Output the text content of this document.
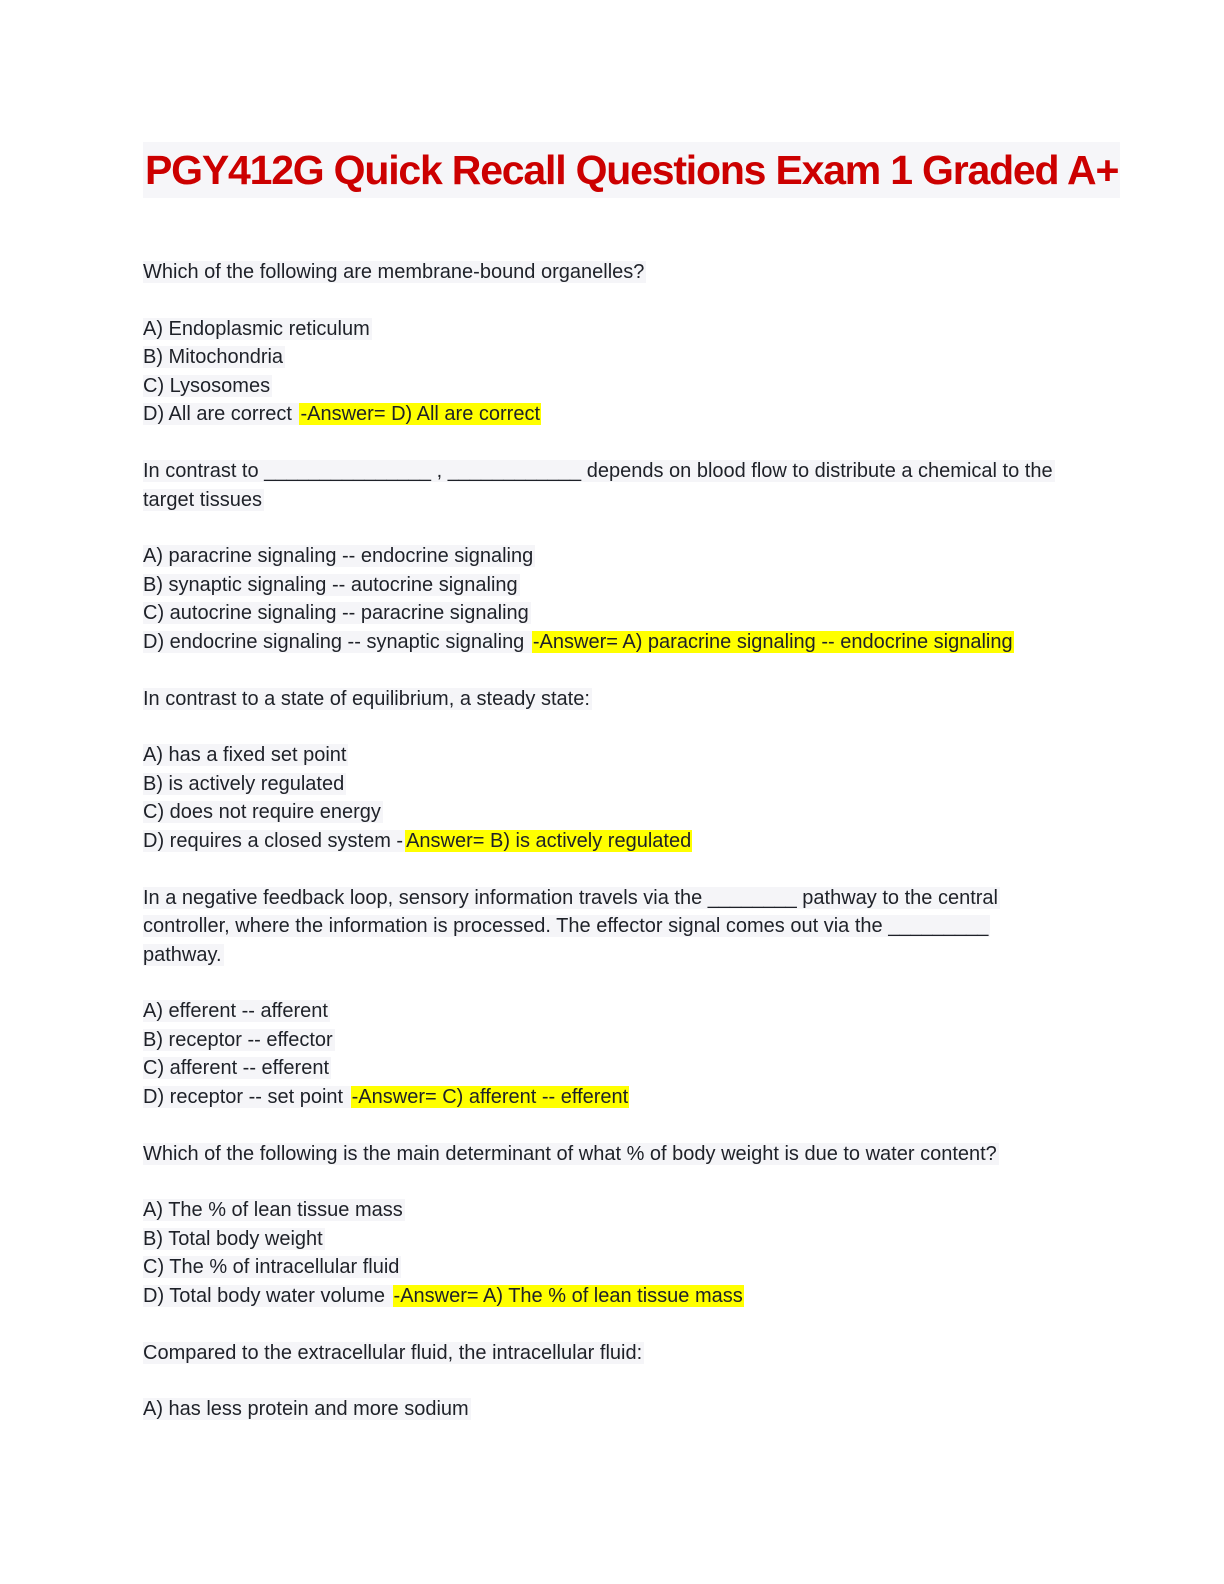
PGY412G Quick Recall Questions Exam 1 Graded A+
Which of the following are membrane-bound organelles?
A) Endoplasmic reticulum
B) Mitochondria
C) Lysosomes
D) All are correct -Answer= D) All are correct
In contrast to _______________ , ____________ depends on blood flow to distribute a chemical to the target tissues
A) paracrine signaling -- endocrine signaling
B) synaptic signaling -- autocrine signaling
C) autocrine signaling -- paracrine signaling
D) endocrine signaling -- synaptic signaling -Answer= A) paracrine signaling -- endocrine signaling
In contrast to a state of equilibrium, a steady state:
A) has a fixed set point
B) is actively regulated
C) does not require energy
D) requires a closed system - Answer= B) is actively regulated
In a negative feedback loop, sensory information travels via the ________ pathway to the central controller, where the information is processed. The effector signal comes out via the _________ pathway.
A) efferent -- afferent
B) receptor -- effector
C) afferent -- efferent
D) receptor -- set point -Answer= C) afferent -- efferent
Which of the following is the main determinant of what % of body weight is due to water content?
A) The % of lean tissue mass
B) Total body weight
C) The % of intracellular fluid
D) Total body water volume -Answer= A) The % of lean tissue mass
Compared to the extracellular fluid, the intracellular fluid:
A) has less protein and more sodium
